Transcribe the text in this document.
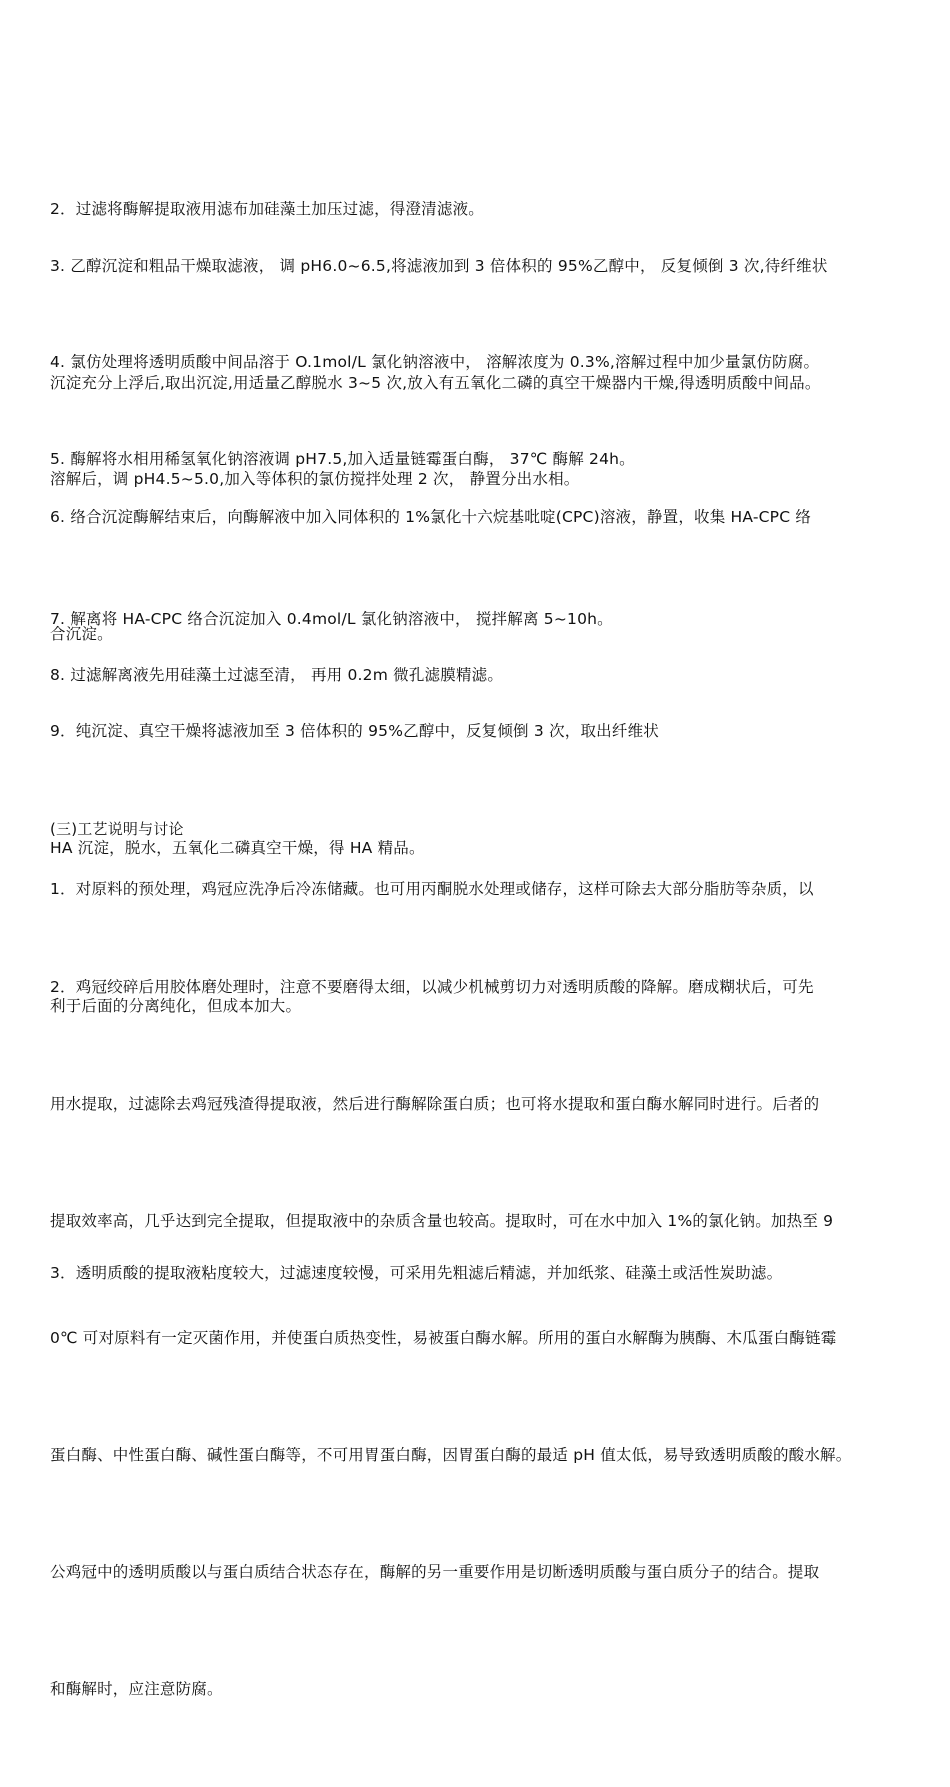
2．过滤将酶解提取液用滤布加硅藻土加压过滤，得澄清滤液。

3. 乙醇沉淀和粗品干燥取滤液， 调 pH6.0~6.5,将滤液加到 3 倍体积的 95%乙醇中， 反复倾倒 3 次,待纤维状

沉淀充分上浮后,取出沉淀,用适量乙醇脱水 3~5 次,放入有五氧化二磷的真空干燥器内干燥,得透明质酸中间品。

4. 氯仿处理将透明质酸中间品溶于 O.1mol/L 氯化钠溶液中， 溶解浓度为 0.3%,溶解过程中加少量氯仿防腐。

溶解后，调 pH4.5~5.0,加入等体积的氯仿搅拌处理 2 次， 静置分出水相。

5. 酶解将水相用稀氢氧化钠溶液调 pH7.5,加入适量链霉蛋白酶， 37℃ 酶解 24h。

6. 络合沉淀酶解结束后，向酶解液中加入同体积的 1%氯化十六烷基吡啶(CPC)溶液，静置，收集 HA-CPC 络

合沉淀。

7. 解离将 HA-CPC 络合沉淀加入 0.4mol/L 氯化钠溶液中， 搅拌解离 5~10h。

8. 过滤解离液先用硅藻土过滤至清， 再用 0.2m 微孔滤膜精滤。

9．纯沉淀、真空干燥将滤液加至 3 倍体积的 95%乙醇中，反复倾倒 3 次，取出纤维状

HA 沉淀，脱水，五氧化二磷真空干燥，得 HA 精品。

(三)工艺说明与讨论

1．对原料的预处理，鸡冠应洗净后冷冻储藏。也可用丙酮脱水处理或储存，这样可除去大部分脂肪等杂质，以

利于后面的分离纯化，但成本加大。

2．鸡冠绞碎后用胶体磨处理时，注意不要磨得太细，以减少机械剪切力对透明质酸的降解。磨成糊状后，可先

用水提取，过滤除去鸡冠残渣得提取液，然后进行酶解除蛋白质；也可将水提取和蛋白酶水解同时进行。后者的

提取效率高，几乎达到完全提取，但提取液中的杂质含量也较高。提取时，可在水中加入 1%的氯化钠。加热至 9

0℃ 可对原料有一定灭菌作用，并使蛋白质热变性，易被蛋白酶水解。所用的蛋白水解酶为胰酶、木瓜蛋白酶链霉

蛋白酶、中性蛋白酶、碱性蛋白酶等，不可用胃蛋白酶，因胃蛋白酶的最适 pH 值太低，易导致透明质酸的酸水解。

公鸡冠中的透明质酸以与蛋白质结合状态存在，酶解的另一重要作用是切断透明质酸与蛋白质分子的结合。提取

和酶解时，应注意防腐。

3．透明质酸的提取液粘度较大，过滤速度较慢，可采用先粗滤后精滤，并加纸浆、硅藻土或活性炭助滤。
